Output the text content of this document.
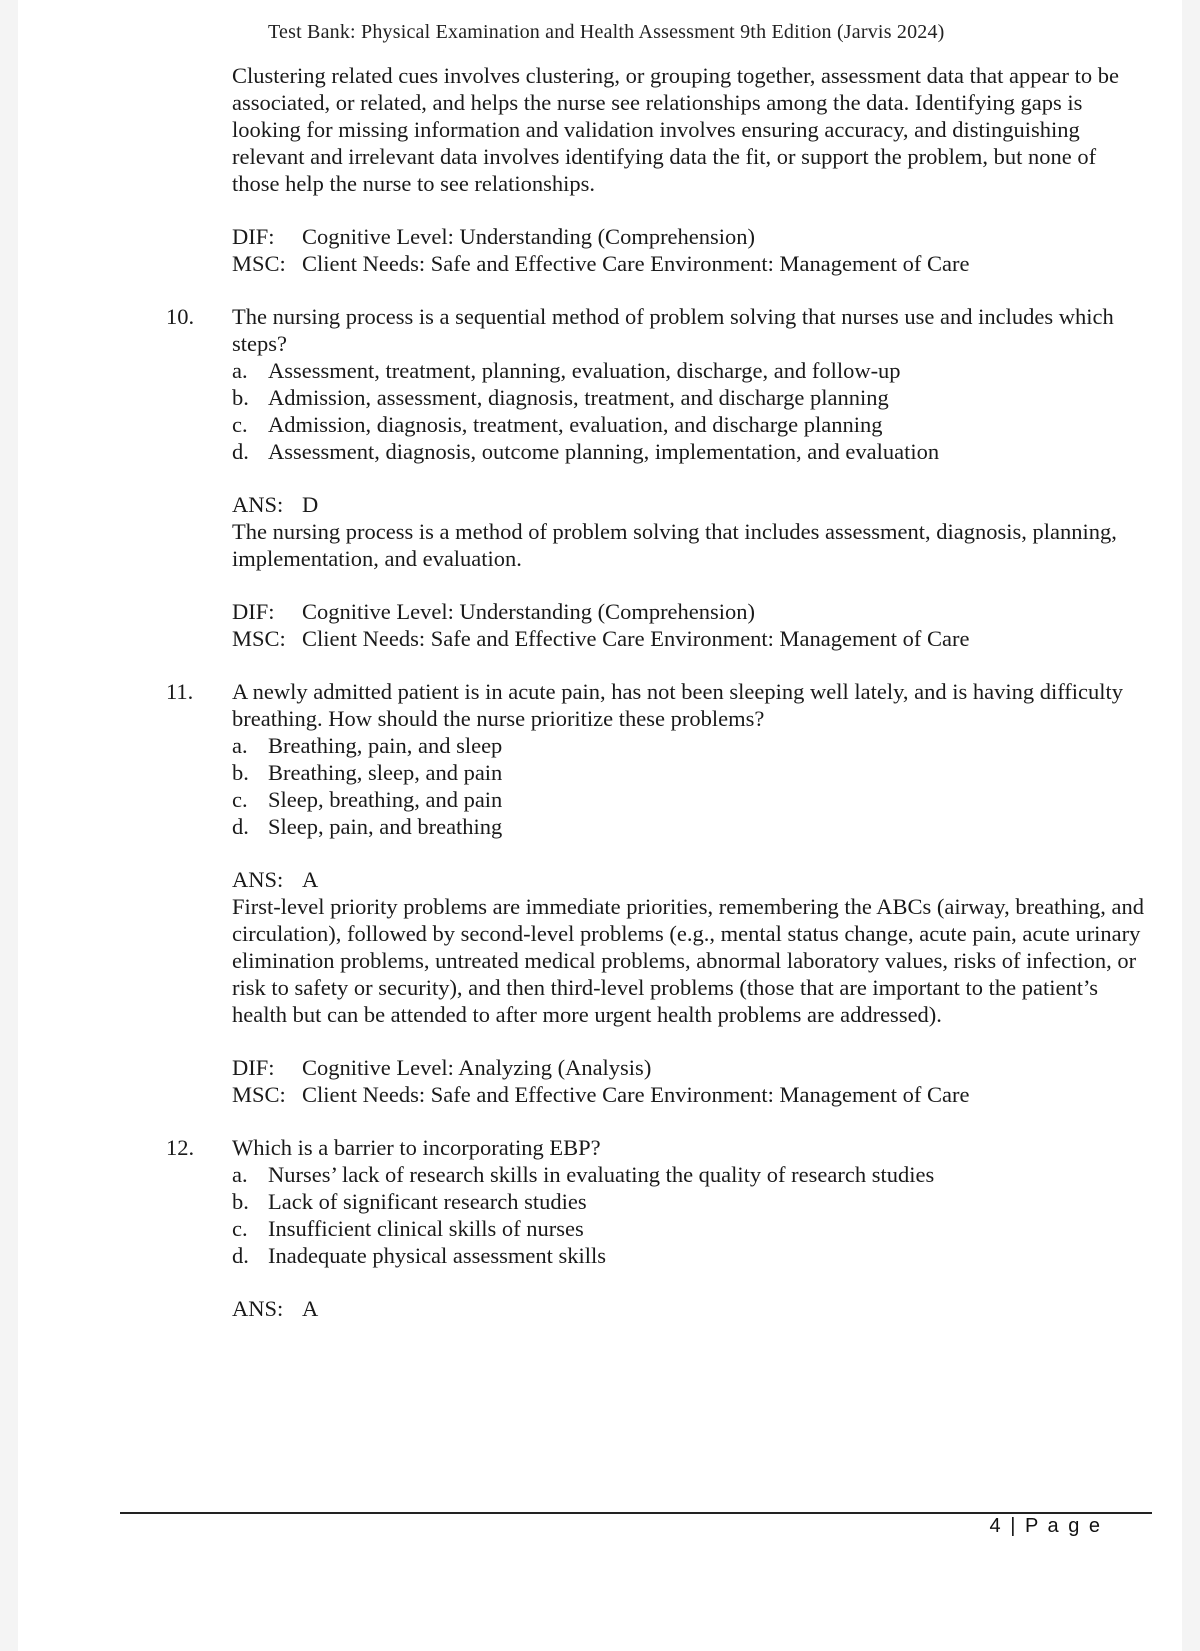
Test Bank: Physical Examination and Health Assessment 9th Edition (Jarvis 2024)
Clustering related cues involves clustering, or grouping together, assessment data that appear to be associated, or related, and helps the nurse see relationships among the data. Identifying gaps is looking for missing information and validation involves ensuring accuracy, and distinguishing relevant and irrelevant data involves identifying data the fit, or support the problem, but none of those help the nurse to see relationships.
DIF:	Cognitive Level: Understanding (Comprehension)
MSC: Client Needs: Safe and Effective Care Environment: Management of Care
10.	The nursing process is a sequential method of problem solving that nurses use and includes which steps?
a. Assessment, treatment, planning, evaluation, discharge, and follow-up
b. Admission, assessment, diagnosis, treatment, and discharge planning
c. Admission, diagnosis, treatment, evaluation, and discharge planning
d. Assessment, diagnosis, outcome planning, implementation, and evaluation
ANS: D
The nursing process is a method of problem solving that includes assessment, diagnosis, planning, implementation, and evaluation.
DIF:	Cognitive Level: Understanding (Comprehension)
MSC: Client Needs: Safe and Effective Care Environment: Management of Care
11.	A newly admitted patient is in acute pain, has not been sleeping well lately, and is having difficulty breathing. How should the nurse prioritize these problems?
a. Breathing, pain, and sleep
b. Breathing, sleep, and pain
c. Sleep, breathing, and pain
d. Sleep, pain, and breathing
ANS: A
First-level priority problems are immediate priorities, remembering the ABCs (airway, breathing, and circulation), followed by second-level problems (e.g., mental status change, acute pain, acute urinary elimination problems, untreated medical problems, abnormal laboratory values, risks of infection, or risk to safety or security), and then third-level problems (those that are important to the patient’s health but can be attended to after more urgent health problems are addressed).
DIF:	Cognitive Level: Analyzing (Analysis)
MSC: Client Needs: Safe and Effective Care Environment: Management of Care
12.	Which is a barrier to incorporating EBP?
a. Nurses’ lack of research skills in evaluating the quality of research studies
b. Lack of significant research studies
c. Insufficient clinical skills of nurses
d. Inadequate physical assessment skills
ANS: A
4 | P a g e
